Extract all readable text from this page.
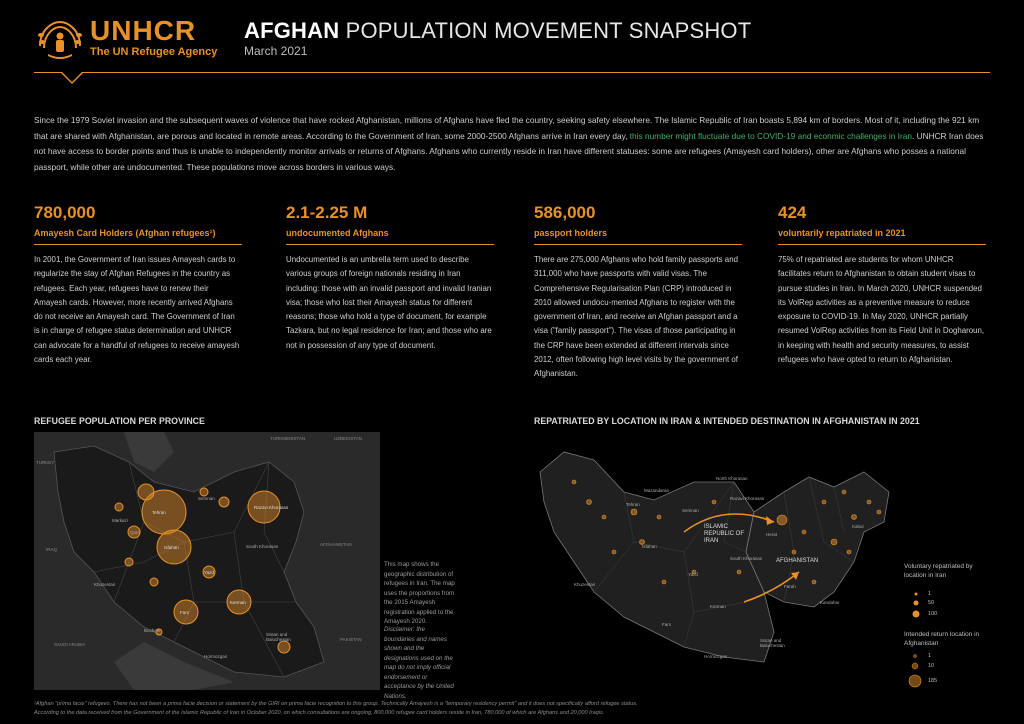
UNHCR
The UN Refugee Agency
AFGHAN POPULATION MOVEMENT SNAPSHOT
March 2021
Since the 1979 Soviet invasion and the subsequent waves of violence that have rocked Afghanistan, millions of Afghans have fled the country, seeking safety elsewhere. The Islamic Republic of Iran boasts 5,894 km of borders. Most of it, including the 921 km that are shared with Afghanistan, are porous and located in remote areas. According to the Government of Iran, some 2000-2500 Afghans arrive in Iran every day, this number might fluctuate due to COVID-19 and econmic challenges in Iran. UNHCR Iran does not have access to border points and thus is unable to independently monitor arrivals or returns of Afghans. Afghans who currently reside in Iran have different statuses: some are refugees (Amayesh card holders), other are Afghans who posses a national passport, while other are undocumented. These populations move across borders in various ways.
780,000
Amayesh Card Holders (Afghan refugees¹)
In 2001, the Government of Iran issues Amayesh cards to regularize the stay of Afghan Refugees in the country as refugees. Each year, refugees have to renew their Amayesh cards. However, more recently arrived Afghans do not receive an Amayesh card. The Government of Iran is in charge of refugee status determination and UNHCR can advocate for a handful of refugees to receive amayesh cards each year.
2.1-2.25 M
undocumented Afghans
Undocumented is an umbrella term used to describe various groups of foreign nationals residing in Iran including: those with an invalid passport and invalid Iranian visa; those who lost their Amayesh status for different reasons; those who hold a type of document, for example Tazkara, but no legal residence for Iran; and those who are not in possession of any type of document.
586,000
passport holders
There are 275,000 Afghans who hold family passports and 311,000 who have passports with valid visas. The Comprehensive Regularisation Plan (CRP) introduced in 2010 allowed undocu-mented Afghans to register with the government of Iran, and receive an Afghan passport and a visa ("family passport"). The visas of those participating in the CRP have been extended at different intervals since 2012, often following high level visits by the government of Afghanistan.
424
voluntarily repatriated in 2021
75% of repatriated are students for whom UNHCR facilitates return to Afghanistan to obtain student visas to pursue studies in Iran. In March 2020, UNHCR suspended its VolRep activities as a preventive measure to reduce exposure to COVID-19. In May 2020, UNHCR partially resumed VolRep activities from its Field Unit in Dogharoun, in keeping with health and security measures, to assist refugees who have opted to return to Afghanistan.
REFUGEE POPULATION PER PROVINCE
TURKMENISTAN	UZBEKISTAN
AFGHANISTAN
PAKISTAN
IRAQ
SAUDI ARABIA
TURKEY
Tehran
Razavi Khorasan
Isfahan
Kerman
Fars
Yazd
South Khorasan
Sistan and Baluchestan
Qom
Markazi
Semnan
Khuzestan
Bushehr
Hormozgan
This map shows the geographic distribution of refugees in Iran. The map uses the proportions from the 2015 Amayesh registration applied to the Amayesh 2020.
Disclaimer: the boundaries and names shown and the designations used on the map do not imply official endorsement or acceptance by the United Nations.
REPATRIATED BY LOCATION IN IRAN & INTENDED DESTINATION IN AFGHANISTAN IN 2021
ISLAMIC REPUBLIC OF IRAN
AFGHANISTAN
North Khorasan
Razavi Khorasan
South Khorasan
Tehran
Semnan
Isfahan
Kerman
Yazd
Fars
Sistan and Baluchestan
Herat
Kabul
Farah
Kandahar
Hormozgan
Khuzestan
Mazandaran
Voluntary repatriated by location in Iran
1
50
100
Intended return location in Afghanistan
1
10
185
¹Afghan "prima facie" refugees. There has not been a prima facie decision or statement by the GIRI on prima facie recognition to this group. Technically Amayesh is a "temporary residency permit" and it does not specifically afford refugee status.
According to the data received from the Government of the Islamic Republic of Iran in October 2020, on which consultations are ongoing, 800,000 refugee card holders reside in Iran, 780,000 of which are Afghans and 20,000 Iraqis.
